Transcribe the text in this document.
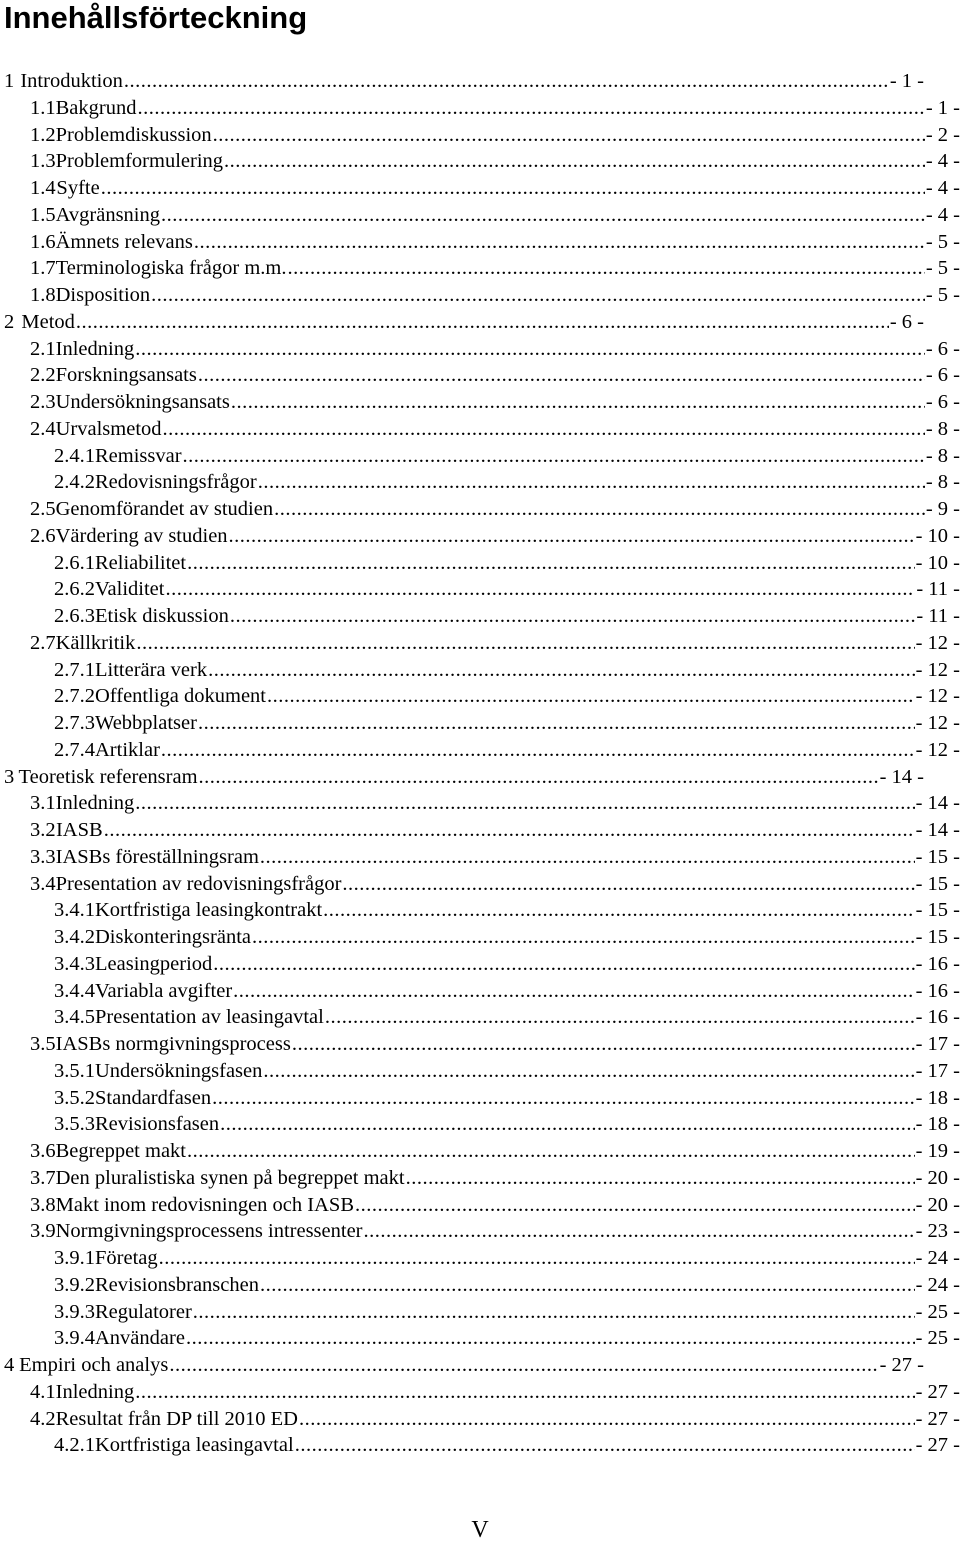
Innehållsförteckning
1 Introduktion .....	- 1 -
1.1 Bakgrund .....	- 1 -
1.2 Problemdiskussion .....	- 2 -
1.3 Problemformulering .....	- 4 -
1.4 Syfte .....	- 4 -
1.5 Avgränsning .....	- 4 -
1.6 Ämnets relevans .....	- 5 -
1.7 Terminologiska frågor m.m. .....	- 5 -
1.8 Disposition .....	- 5 -
2 Metod .....	- 6 -
2.1 Inledning .....	- 6 -
2.2 Forskningsansats .....	- 6 -
2.3 Undersökningsansats .....	- 6 -
2.4 Urvalsmetod .....	- 8 -
2.4.1 Remissvar .....	- 8 -
2.4.2 Redovisningsfrågor .....	- 8 -
2.5 Genomförandet av studien .....	- 9 -
2.6 Värdering av studien .....	- 10 -
2.6.1 Reliabilitet .....	- 10 -
2.6.2 Validitet .....	- 11 -
2.6.3 Etisk diskussion .....	- 11 -
2.7 Källkritik .....	- 12 -
2.7.1 Litterära verk .....	- 12 -
2.7.2 Offentliga dokument .....	- 12 -
2.7.3 Webbplatser .....	- 12 -
2.7.4 Artiklar .....	- 12 -
3 Teoretisk referensram .....	- 14 -
3.1 Inledning .....	- 14 -
3.2 IASB .....	- 14 -
3.3 IASBs föreställningsram .....	- 15 -
3.4 Presentation av redovisningsfrågor .....	- 15 -
3.4.1 Kortfristiga leasingkontrakt .....	- 15 -
3.4.2 Diskonteringsränta .....	- 15 -
3.4.3 Leasingperiod .....	- 16 -
3.4.4 Variabla avgifter .....	- 16 -
3.4.5 Presentation av leasingavtal .....	- 16 -
3.5 IASBs normgivningsprocess .....	- 17 -
3.5.1 Undersökningsfasen .....	- 17 -
3.5.2 Standardfasen .....	- 18 -
3.5.3 Revisionsfasen .....	- 18 -
3.6 Begreppet makt .....	- 19 -
3.7 Den pluralistiska synen på begreppet makt .....	- 20 -
3.8 Makt inom redovisningen och IASB .....	- 20 -
3.9 Normgivningsprocessens intressenter .....	- 23 -
3.9.1 Företag .....	- 24 -
3.9.2 Revisionsbranschen .....	- 24 -
3.9.3 Regulatorer .....	- 25 -
3.9.4 Användare .....	- 25 -
4 Empiri och analys .....	- 27 -
4.1 Inledning .....	- 27 -
4.2 Resultat från DP till 2010 ED .....	- 27 -
4.2.1 Kortfristiga leasingavtal .....	- 27 -
V
